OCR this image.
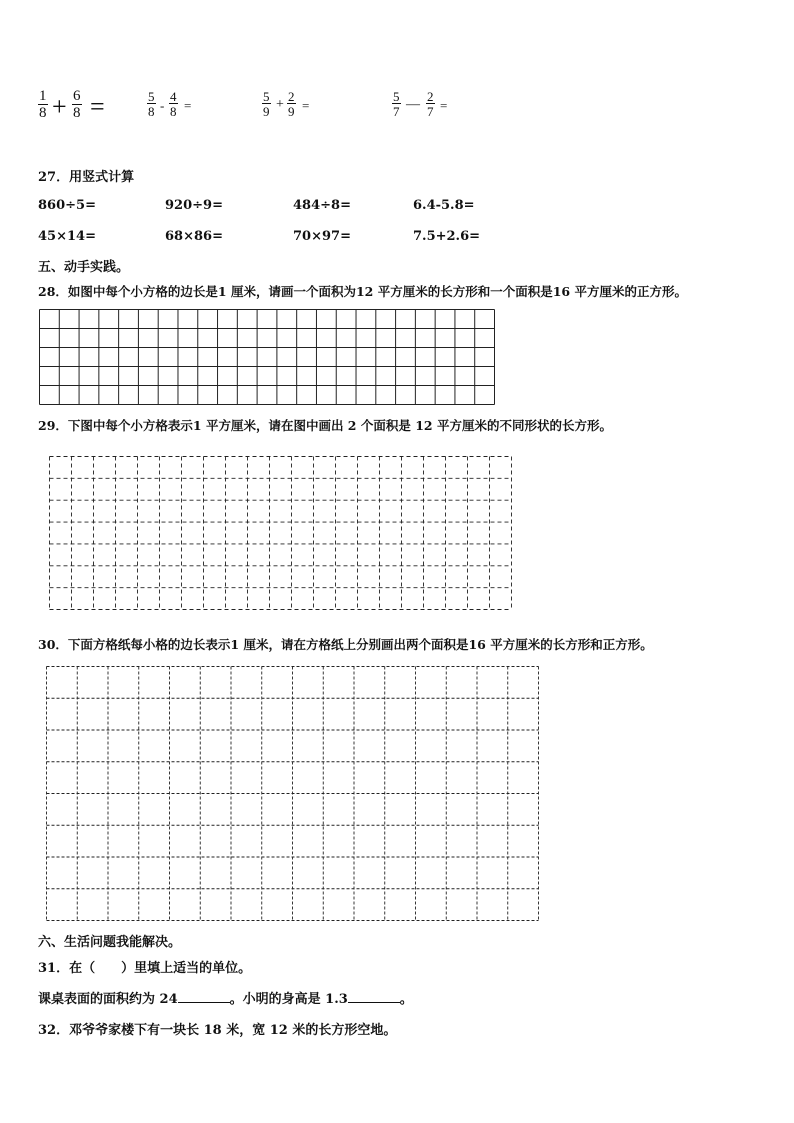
$\frac{1}{8} + \frac{6}{8}$ =	$\frac{5}{8} - \frac{4}{8}$ =	$\frac{5}{9} + \frac{2}{9}$ =	$\frac{5}{7}$ — $\frac{2}{7}$ =
27．用竖式计算
860÷5=	920÷9=	484÷8=	6.4-5.8=
45×14=	68×86=	70×97=	7.5+2.6=
五、动手实践。
28．如图中每个小方格的边长是1 厘米，请画一个面积为12 平方厘米的长方形和一个面积是16 平方厘米的正方形。
29．下图中每个小方格表示1 平方厘米，请在图中画出 2 个面积是 12 平方厘米的不同形状的长方形。
30．下面方格纸每小格的边长表示1 厘米，请在方格纸上分别画出两个面积是16 平方厘米的长方形和正方形。
六、生活问题我能解决。
31．在（　　）里填上适当的单位。
课桌表面的面积约为 24	。小明的身高是 1.3	。
32．邓爷爷家楼下有一块长 18 米，宽 12 米的长方形空地。
